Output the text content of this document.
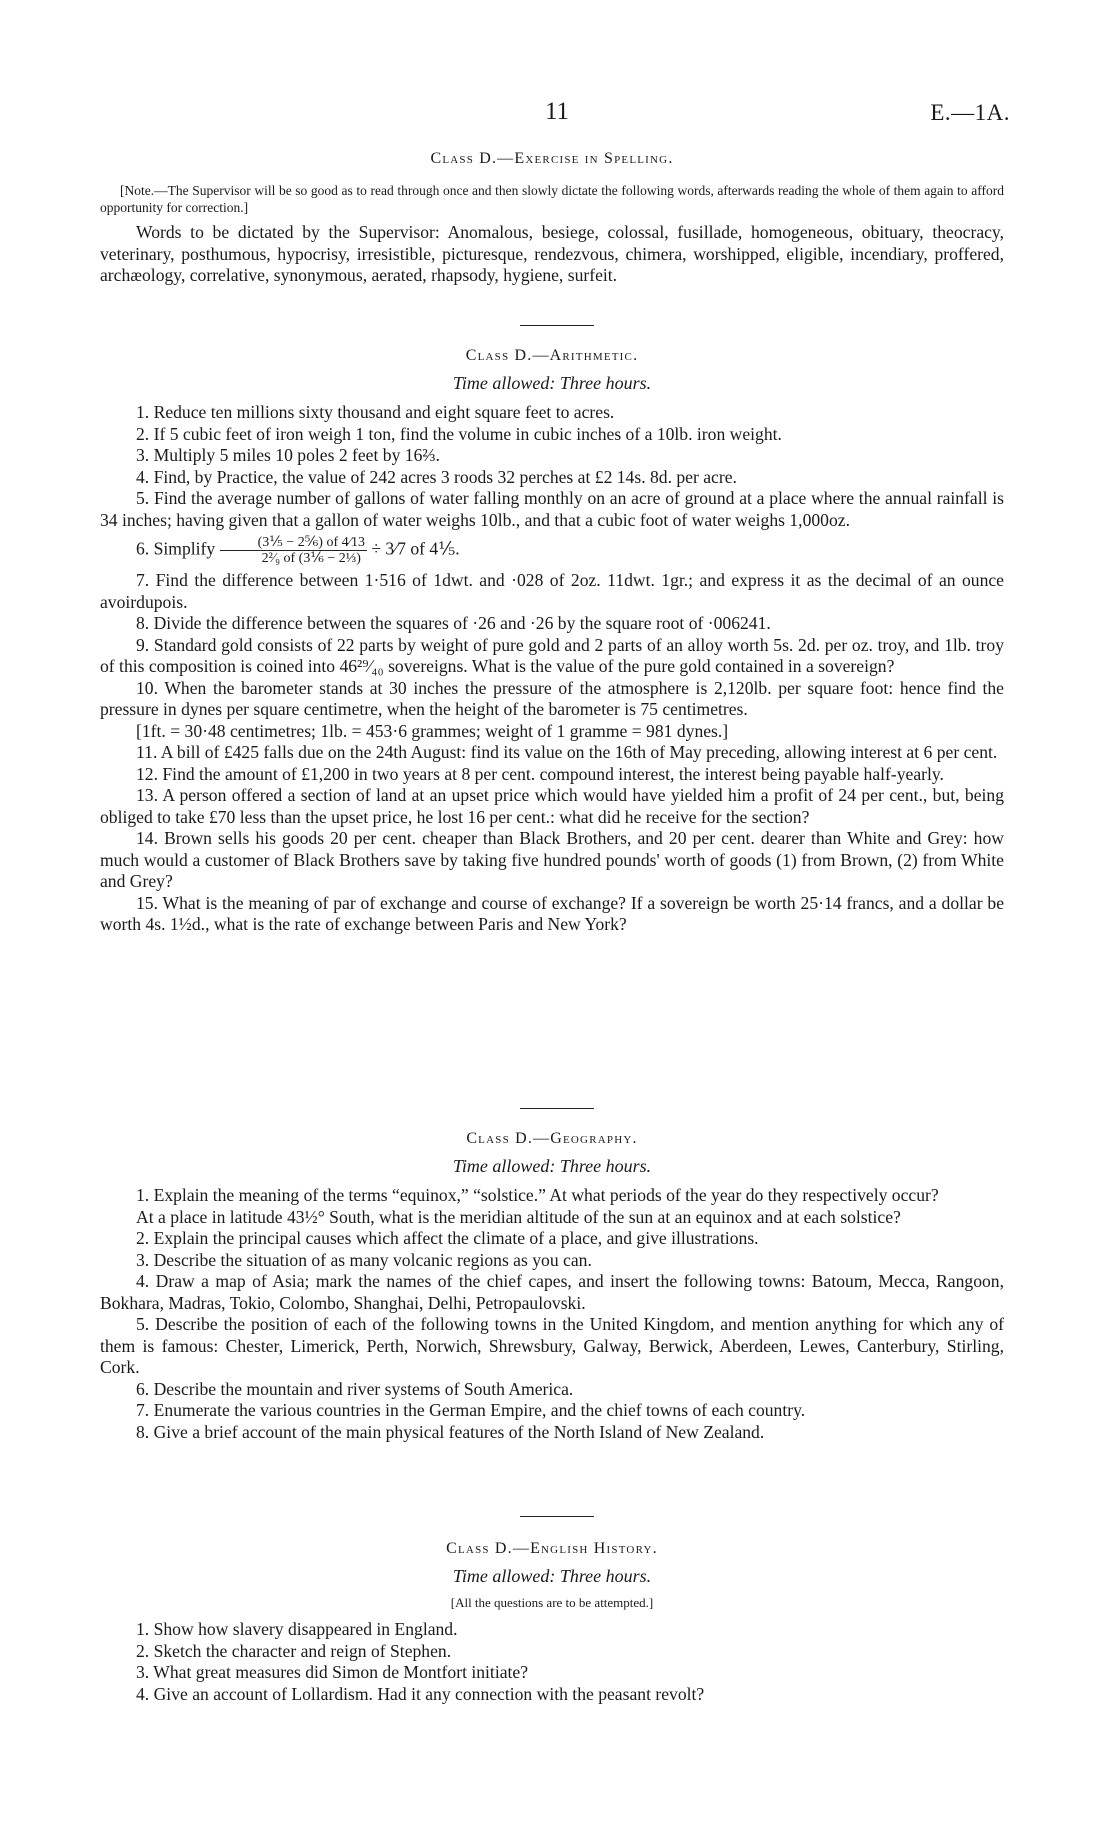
11	E.—1A.
Class D.—Exercise in Spelling.
[Note.—The Supervisor will be so good as to read through once and then slowly dictate the following words, afterwards reading the whole of them again to afford opportunity for correction.]

Words to be dictated by the Supervisor: Anomalous, besiege, colossal, fusillade, homogeneous, obituary, theocracy, veterinary, posthumous, hypocrisy, irresistible, picturesque, rendezvous, chimera, worshipped, eligible, incendiary, proffered, archæology, correlative, synonymous, aerated, rhapsody, hygiene, surfeit.

Class D.—Arithmetic.
Time allowed: Three hours.

1. Reduce ten millions sixty thousand and eight square feet to acres.

2. If 5 cubic feet of iron weigh 1 ton, find the volume in cubic inches of a 10lb. iron weight.

3. Multiply 5 miles 10 poles 2 feet by 16⅔.

4. Find, by Practice, the value of 242 acres 3 roods 32 perches at £2 14s. 8d. per acre.

5. Find the average number of gallons of water falling monthly on an acre of ground at a place where the annual rainfall is 34 inches; having given that a gallon of water weighs 10lb., and that a cubic foot of water weighs 1,000oz.

6. Simplify $\frac{\text{(3⅕ − 2⅚) of 4⁄13}}{\text{2²⁄₉ of (3⅙ − 2⅓)}}$ ÷ 3⁄7 of 4⅕.

7. Find the difference between 1·516 of 1dwt. and ·028 of 2oz. 11dwt. 1gr.; and express it as the decimal of an ounce avoirdupois.

8. Divide the difference between the squares of ·26 and ·26 by the square root of ·006241.

9. Standard gold consists of 22 parts by weight of pure gold and 2 parts of an alloy worth 5s. 2d. per oz. troy, and 1lb. troy of this composition is coined into 46²⁹⁄₄₀ sovereigns. What is the value of the pure gold contained in a sovereign?

10. When the barometer stands at 30 inches the pressure of the atmosphere is 2,120lb. per square foot: hence find the pressure in dynes per square centimetre, when the height of the barometer is 75 centimetres.

[1ft. = 30·48 centimetres; 1lb. = 453·6 grammes; weight of 1 gramme = 981 dynes.]

11. A bill of £425 falls due on the 24th August: find its value on the 16th of May preceding, allowing interest at 6 per cent.

12. Find the amount of £1,200 in two years at 8 per cent. compound interest, the interest being payable half-yearly.

13. A person offered a section of land at an upset price which would have yielded him a profit of 24 per cent., but, being obliged to take £70 less than the upset price, he lost 16 per cent.: what did he receive for the section?

14. Brown sells his goods 20 per cent. cheaper than Black Brothers, and 20 per cent. dearer than White and Grey: how much would a customer of Black Brothers save by taking five hundred pounds' worth of goods (1) from Brown, (2) from White and Grey?

15. What is the meaning of par of exchange and course of exchange? If a sovereign be worth 25·14 francs, and a dollar be worth 4s. 1½d., what is the rate of exchange between Paris and New York?

Class D.—Geography.
Time allowed: Three hours.

1. Explain the meaning of the terms “equinox,” “solstice.” At what periods of the year do they respectively occur?

At a place in latitude 43½° South, what is the meridian altitude of the sun at an equinox and at each solstice?

2. Explain the principal causes which affect the climate of a place, and give illustrations.

3. Describe the situation of as many volcanic regions as you can.

4. Draw a map of Asia; mark the names of the chief capes, and insert the following towns: Batoum, Mecca, Rangoon, Bokhara, Madras, Tokio, Colombo, Shanghai, Delhi, Petropaulovski.

5. Describe the position of each of the following towns in the United Kingdom, and mention anything for which any of them is famous: Chester, Limerick, Perth, Norwich, Shrewsbury, Galway, Berwick, Aberdeen, Lewes, Canterbury, Stirling, Cork.

6. Describe the mountain and river systems of South America.

7. Enumerate the various countries in the German Empire, and the chief towns of each country.

8. Give a brief account of the main physical features of the North Island of New Zealand.

Class D.—English History.
Time allowed: Three hours.
[All the questions are to be attempted.]

1. Show how slavery disappeared in England.

2. Sketch the character and reign of Stephen.

3. What great measures did Simon de Montfort initiate?

4. Give an account of Lollardism. Had it any connection with the peasant revolt?
